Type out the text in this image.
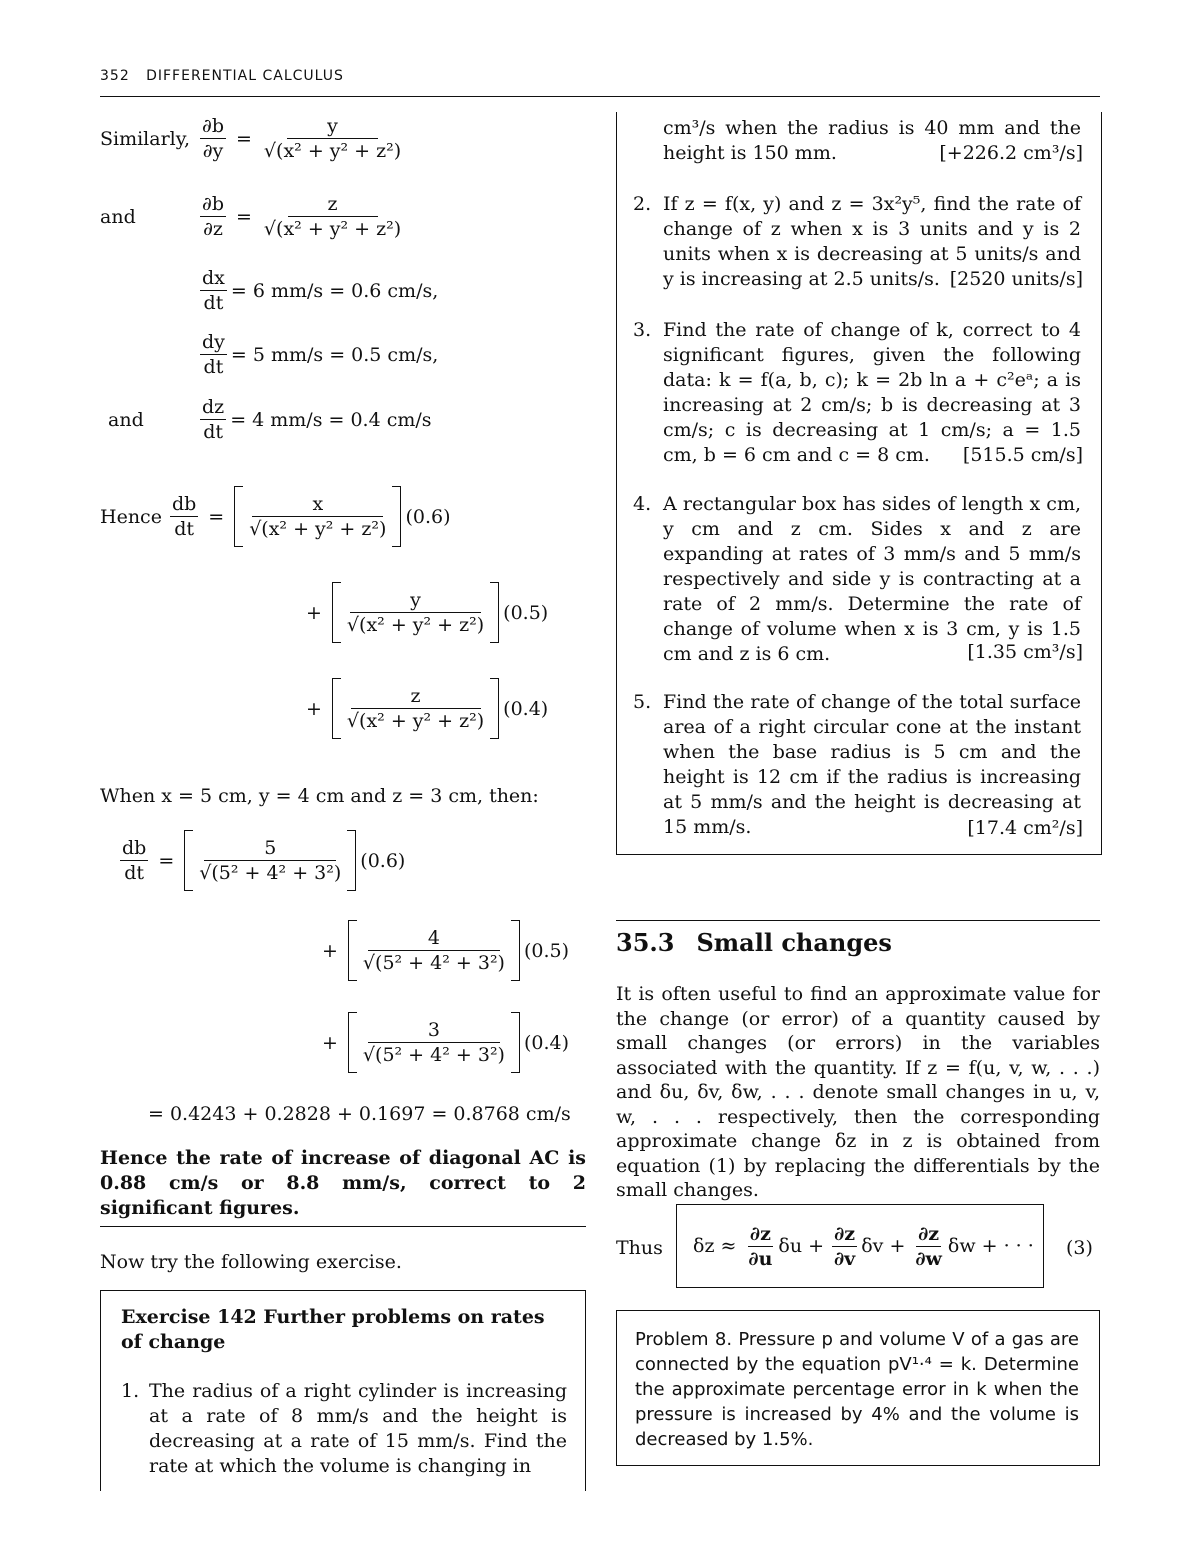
352 DIFFERENTIAL CALCULUS
Similarly, $\frac{\partial b}{\partial y} = \frac{y}{\text{√(x² + y² + z²)}}$
and	$\frac{\partial b}{\partial z} = \frac{z}{\text{√(x² + y² + z²)}}$
$\frac{dx}{dt} = 6$ mm/s = 0.6 cm/s,
$\frac{dy}{dt} = 5$ mm/s = 0.5 cm/s,
and	$\frac{dz}{dt} = 4$ mm/s = 0.4 cm/s
Hence $\frac{db}{dt} = \frac{x}{\text{√(x² + y² + z²)}} (0.6)$
+ $\frac{y}{\text{√(x² + y² + z²)}} (0.5)$
+ $\frac{z}{\text{√(x² + y² + z²)}} (0.4)$
When x = 5 cm, y = 4 cm and z = 3 cm, then:
$\frac{db}{dt} = \frac{5}{\text{√(5² + 4² + 3²)}} (0.6)$
+ $\frac{4}{\text{√(5² + 4² + 3²)}} (0.5)$
+ $\frac{3}{\text{√(5² + 4² + 3²)}} (0.4)$
= 0.4243 + 0.2828 + 0.1697 = 0.8768 cm/s
Hence the rate of increase of diagonal AC is 0.88 cm/s or 8.8 mm/s, correct to 2 significant figures.
Now try the following exercise.
Exercise 142 Further problems on rates of change
1. The radius of a right cylinder is increasing at a rate of 8 mm/s and the height is decreasing at a rate of 15 mm/s. Find the rate at which the volume is changing in
cm³/s when the radius is 40 mm and the height is 150 mm.	[+226.2 cm³/s]
2. If z = f(x, y) and z = 3x²y⁵, find the rate of change of z when x is 3 units and y is 2 units when x is decreasing at 5 units/s and y is increasing at 2.5 units/s. [2520 units/s]
3. Find the rate of change of k, correct to 4 significant figures, given the following data: k = f(a, b, c); k = 2b ln a + c²eᵃ; a is increasing at 2 cm/s; b is decreasing at 3 cm/s; c is decreasing at 1 cm/s; a = 1.5 cm, b = 6 cm and c = 8 cm.	[515.5 cm/s]
4. A rectangular box has sides of length x cm, y cm and z cm. Sides x and z are expanding at rates of 3 mm/s and 5 mm/s respectively and side y is contracting at a rate of 2 mm/s. Determine the rate of change of volume when x is 3 cm, y is 1.5 cm and z is 6 cm.	[1.35 cm³/s]
5. Find the rate of change of the total surface area of a right circular cone at the instant when the base radius is 5 cm and the height is 12 cm if the radius is increasing at 5 mm/s and the height is decreasing at 15 mm/s.	[17.4 cm²/s]
35.3 Small changes
It is often useful to find an approximate value for the change (or error) of a quantity caused by small changes (or errors) in the variables associated with the quantity. If z = f(u, v, w, . . .) and δu, δv, δw, . . . denote small changes in u, v, w, . . . respectively, then the corresponding approximate change δz in z is obtained from equation (1) by replacing the differentials by the small changes.
Thus $\delta z \approx \frac{\partial z}{\partial u}$ $\delta u + \frac{\partial z}{\partial v}$ $\delta v + \frac{\partial z}{\partial w}$ δw + · · · (3)
Problem 8. Pressure p and volume V of a gas are connected by the equation pV¹·⁴ = k. Determine the approximate percentage error in k when the pressure is increased by 4% and the volume is decreased by 1.5%.
